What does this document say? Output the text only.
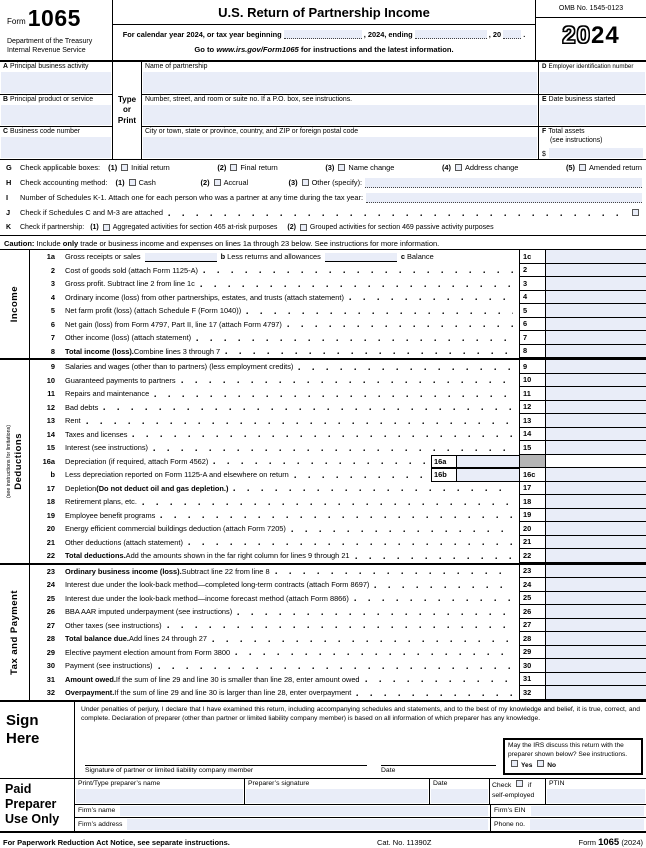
Form 1065
Department of the Treasury
Internal Revenue Service
U.S. Return of Partnership Income
For calendar year 2024, or tax year beginning	, 2024, ending	, 20	.
Go to www.irs.gov/Form1065 for instructions and the latest information.
OMB No. 1545-0123
2024
A Principal business activity
B Principal product or service
C Business code number
Type
or
Print
Name of partnership
Number, street, and room or suite no. If a P.O. box, see instructions.
City or town, state or province, country, and ZIP or foreign postal code
D Employer identification number
E Date business started
F Total assets
(see instructions)
$
G	Check applicable boxes: (1) Initial return	(2) Final return	(3) Name change	(4) Address change	(5) Amended return
H	Check accounting method: (1) Cash	(2) Accrual	(3) Other (specify):
I	Number of Schedules K-1. Attach one for each person who was a partner at any time during the tax year:
J	Check if Schedules C and M-3 are attached
K	Check if partnership: (1) Aggregated activities for section 465 at-risk purposes (2) Grouped activities for section 469 passive activity purposes
Caution: Include only trade or business income and expenses on lines 1a through 23 below. See instructions for more information.
Income
1a	Gross receipts or sales	b Less returns and allowances	c Balance	1c
2	Cost of goods sold (attach Form 1125-A)	2
3	Gross profit. Subtract line 2 from line 1c	3
4	Ordinary income (loss) from other partnerships, estates, and trusts (attach statement)	4
5	Net farm profit (loss) (attach Schedule F (Form 1040))	5
6	Net gain (loss) from Form 4797, Part II, line 17 (attach Form 4797)	6
7	Other income (loss) (attach statement)	7
8	Total income (loss). Combine lines 3 through 7	8
(see instructions for limitations) Deductions
9	Salaries and wages (other than to partners) (less employment credits)	9
10	Guaranteed payments to partners	10
11	Repairs and maintenance	11
12	Bad debts	12
13	Rent	13
14	Taxes and licenses	14
15	Interest (see instructions)	15
16a	Depreciation (if required, attach Form 4562)	16a
b	Less depreciation reported on Form 1125-A and elsewhere on return	16b	16c
17	Depletion (Do not deduct oil and gas depletion.)	17
18	Retirement plans, etc.	18
19	Employee benefit programs	19
20	Energy efficient commercial buildings deduction (attach Form 7205)	20
21	Other deductions (attach statement)	21
22	Total deductions. Add the amounts shown in the far right column for lines 9 through 21	22
Tax and Payment
23	Ordinary business income (loss). Subtract line 22 from line 8	23
24	Interest due under the look-back method—completed long-term contracts (attach Form 8697)	24
25	Interest due under the look-back method—income forecast method (attach Form 8866)	25
26	BBA AAR imputed underpayment (see instructions)	26
27	Other taxes (see instructions)	27
28	Total balance due. Add lines 24 through 27	28
29	Elective payment election amount from Form 3800	29
30	Payment (see instructions)	30
31	Amount owed. If the sum of line 29 and line 30 is smaller than line 28, enter amount owed	31
32	Overpayment. If the sum of line 29 and line 30 is larger than line 28, enter overpayment	32
Sign
Here
Under penalties of perjury, I declare that I have examined this return, including accompanying schedules and statements, and to the best of my knowledge and belief, it is true, correct, and complete. Declaration of preparer (other than partner or limited liability company member) is based on all information of which preparer has any knowledge.
Signature of partner or limited liability company member	Date
May the IRS discuss this return with the preparer shown below? See instructions. Yes No
Paid
Preparer
Use Only
Print/Type preparer’s name	Preparer’s signature	Date	Check if
self-employed
PTIN
Firm’s name	Firm’s EIN
Firm’s address	Phone no.
For Paperwork Reduction Act Notice, see separate instructions.	Cat. No. 11390Z	Form 1065 (2024)
